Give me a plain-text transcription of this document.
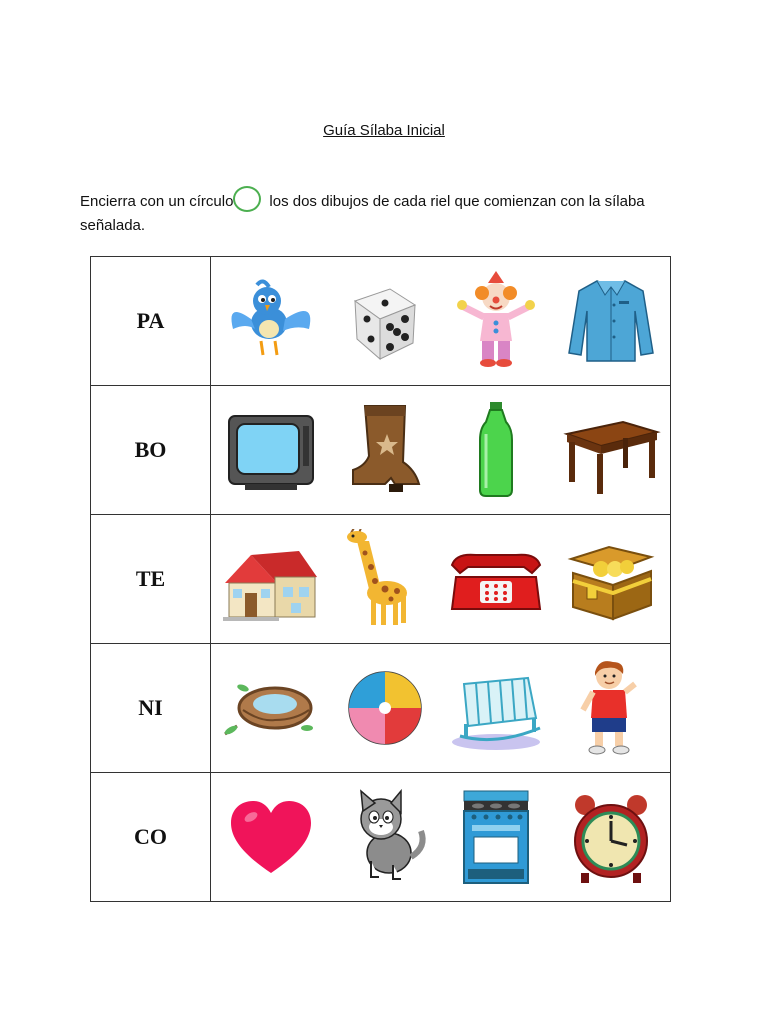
Guía Sílaba Inicial
Encierra con un círculo los dos dibujos de cada riel que comienzan con la sílaba señalada.
PA	

BO	

TE	

NI	

CO	
